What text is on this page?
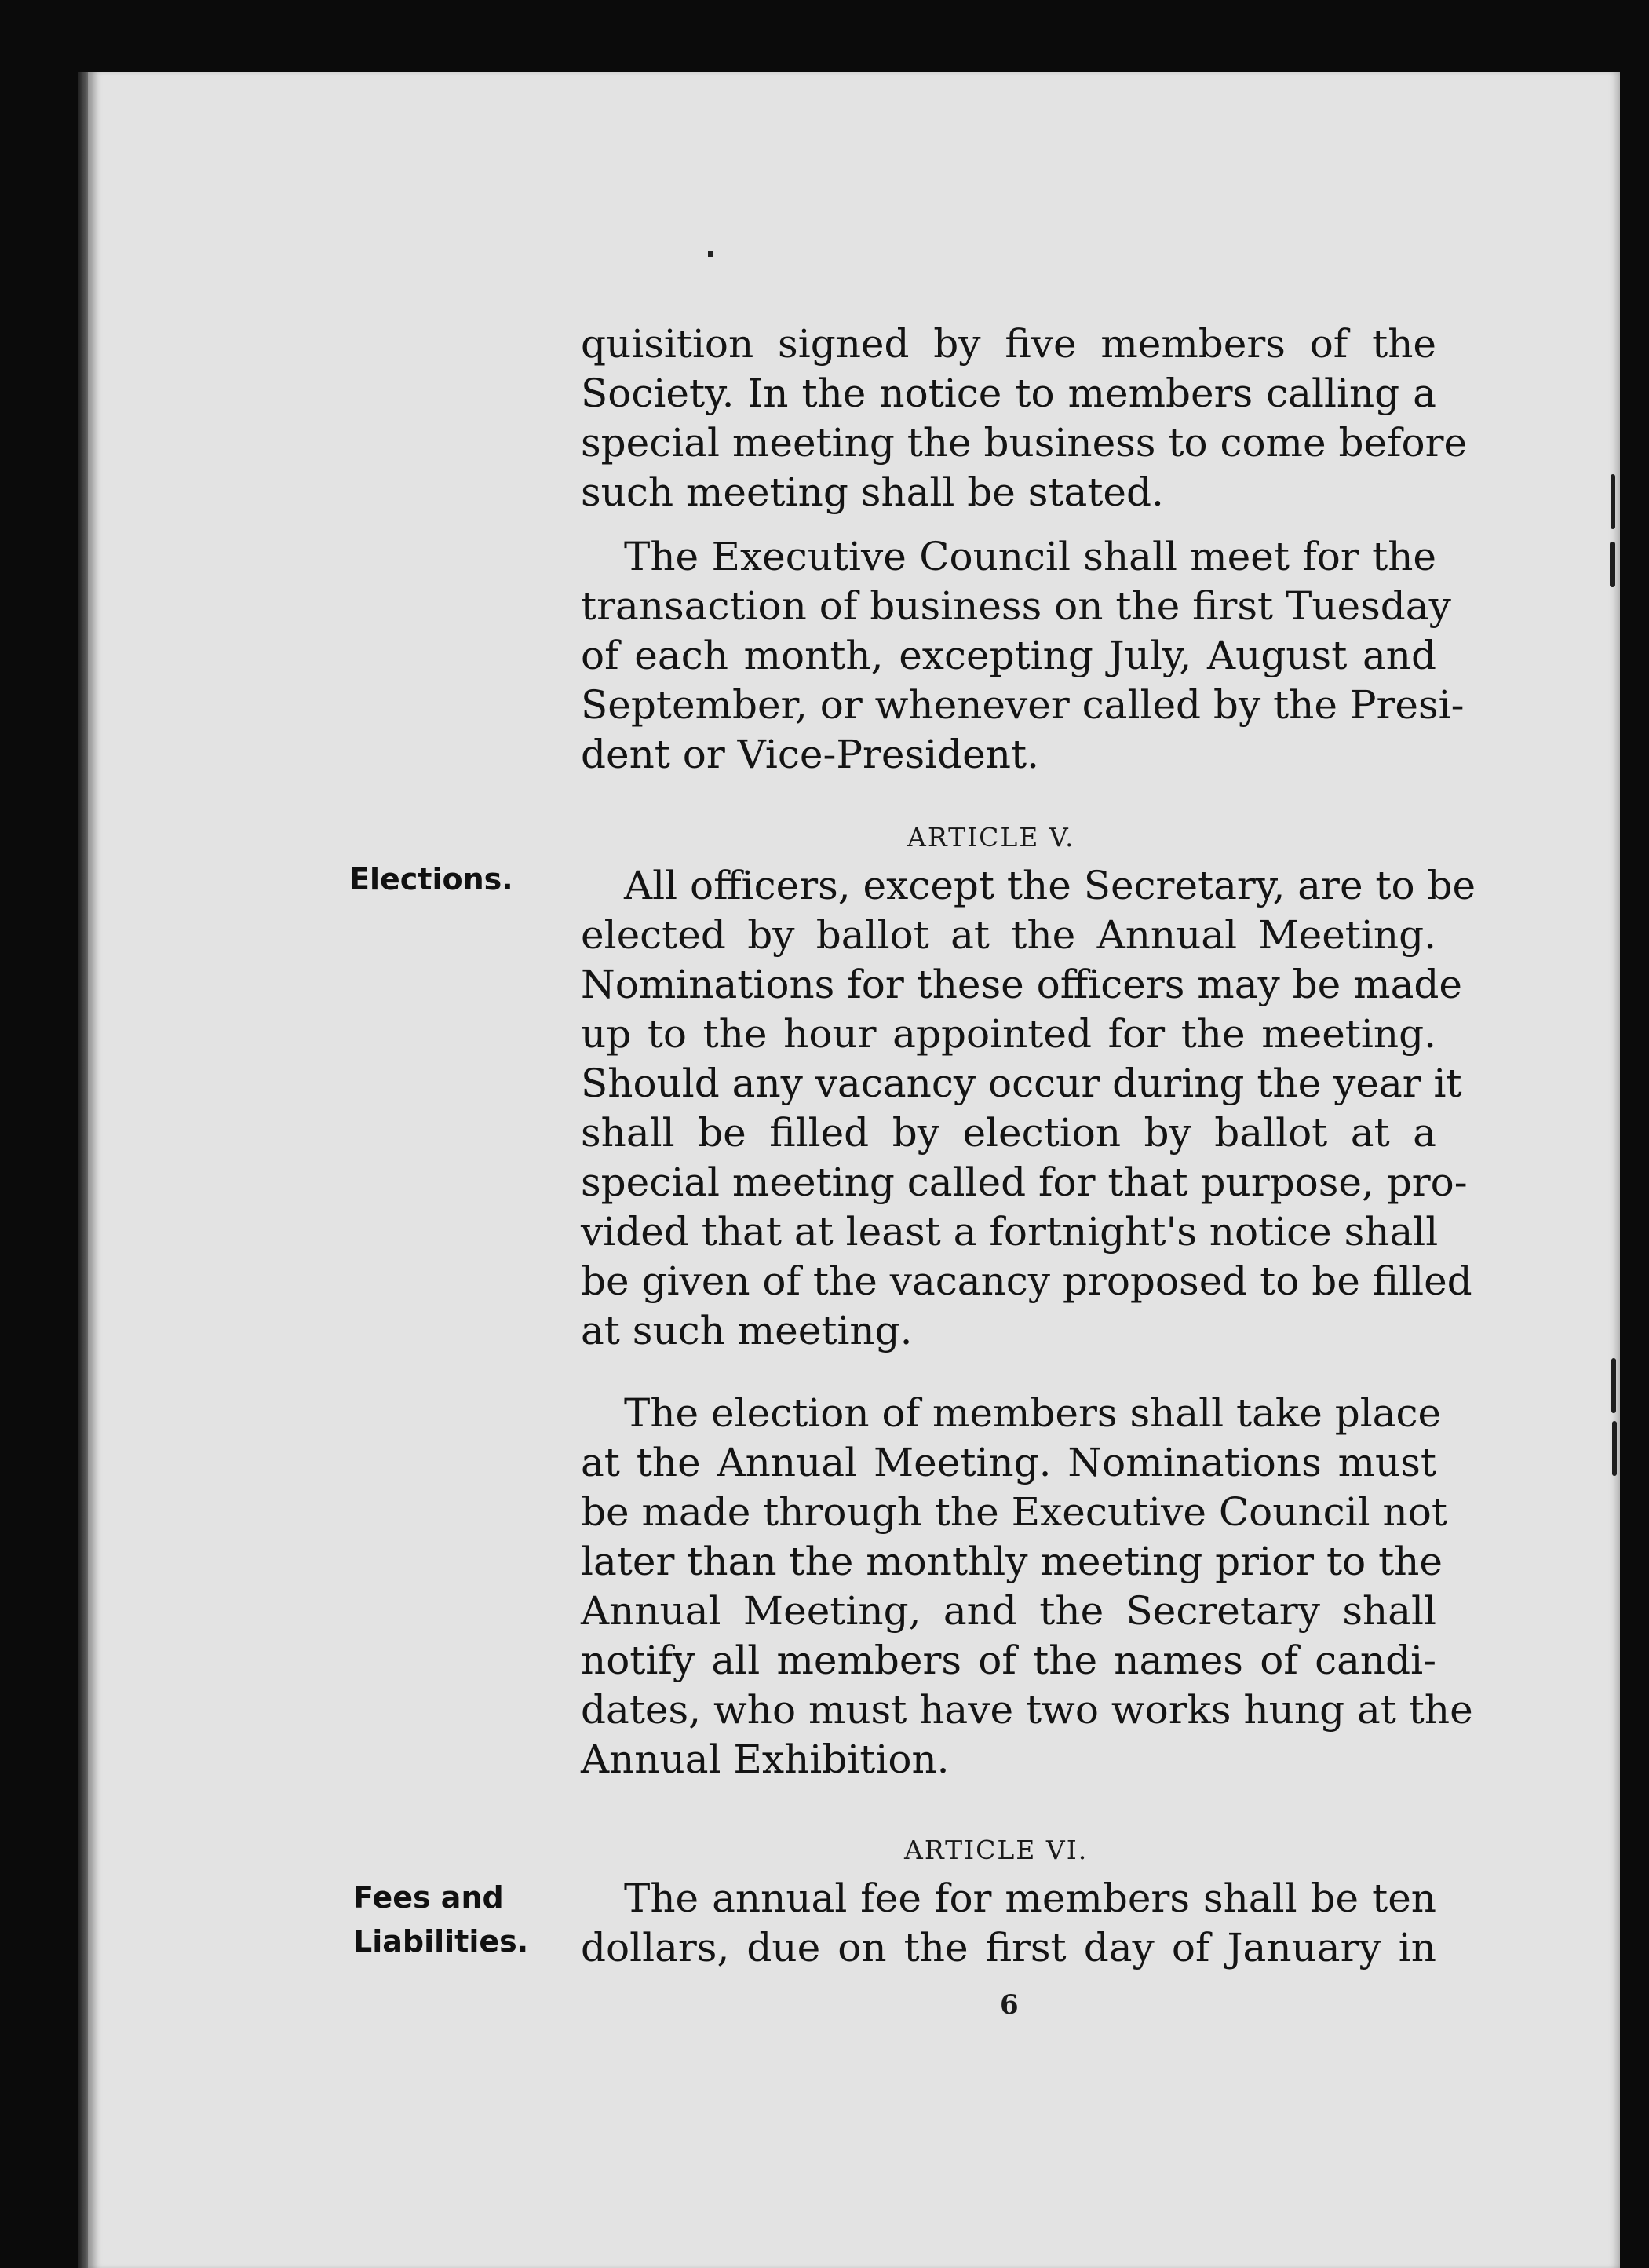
quisition signed by five members of the
Society. In the notice to members calling a
special meeting the business to come before
such meeting shall be stated.
The Executive Council shall meet for the
transaction of business on the first Tuesday
of each month, excepting July, August and
September, or whenever called by the Presi-
dent or Vice-President.
ARTICLE V.
Elections.	All officers, except the Secretary, are to be
elected by ballot at the Annual Meeting.
Nominations for these officers may be made
up to the hour appointed for the meeting.
Should any vacancy occur during the year it
shall be filled by election by ballot at a
special meeting called for that purpose, pro-
vided that at least a fortnight's notice shall
be given of the vacancy proposed to be filled
at such meeting.
The election of members shall take place
at the Annual Meeting. Nominations must
be made through the Executive Council not
later than the monthly meeting prior to the
Annual Meeting, and the Secretary shall
notify all members of the names of candi-
dates, who must have two works hung at the
Annual Exhibition.
ARTICLE VI.
Fees and
Liabilities.
The annual fee for members shall be ten
dollars, due on the first day of January in
6
